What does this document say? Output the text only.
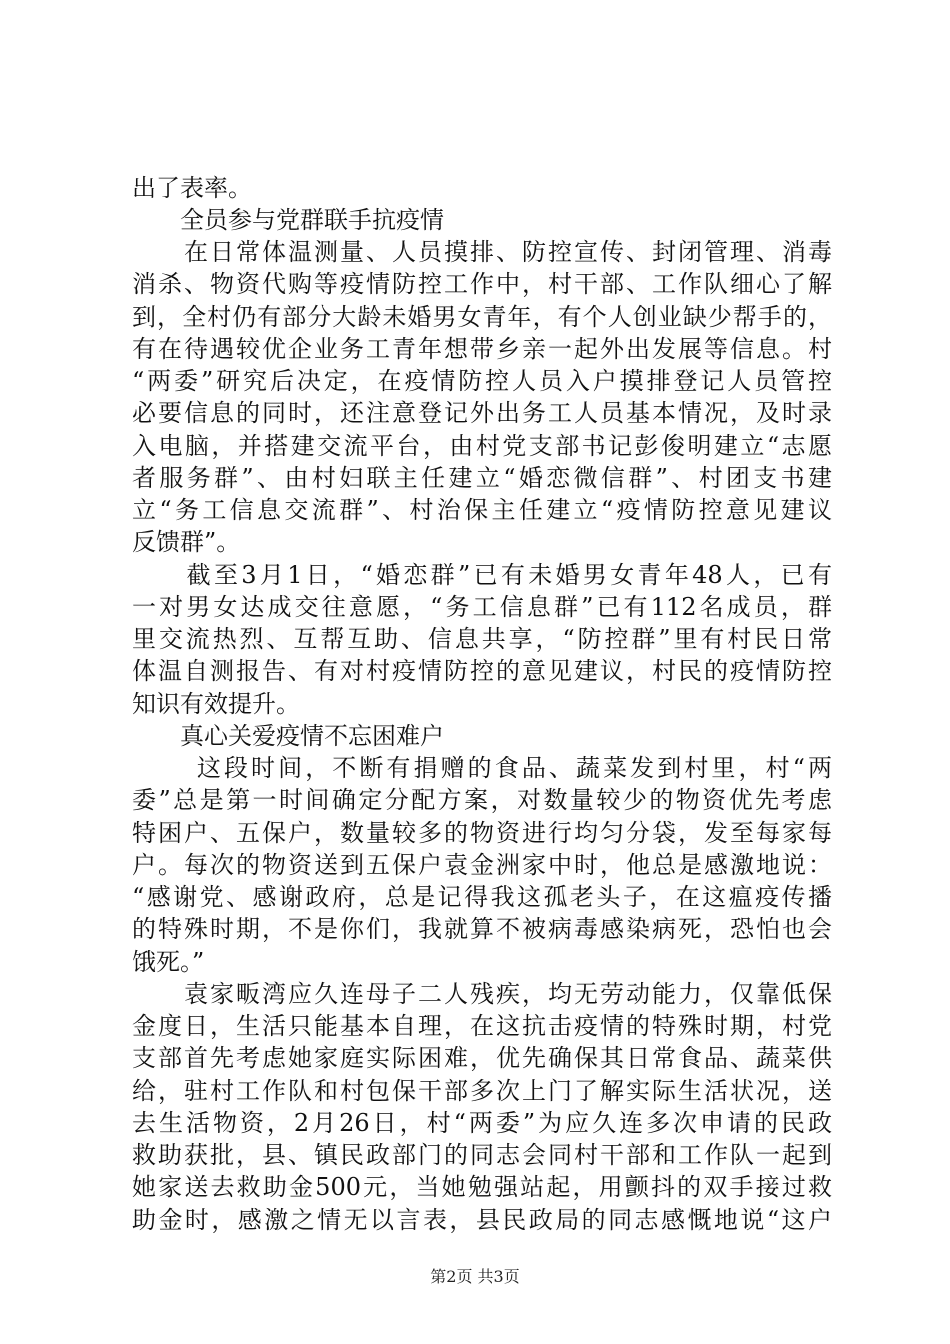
出了表率。
　　全员参与党群联手抗疫情
　　在日常体温测量、人员摸排、防控宣传、封闭管理、消毒
消杀、物资代购等疫情防控工作中，村干部、工作队细心了解
到，全村仍有部分大龄未婚男女青年，有个人创业缺少帮手的，
有在待遇较优企业务工青年想带乡亲一起外出发展等信息。村
“两委”研究后决定，在疫情防控人员入户摸排登记人员管控
必要信息的同时，还注意登记外出务工人员基本情况，及时录
入电脑，并搭建交流平台，由村党支部书记彭俊明建立“志愿
者服务群”、由村妇联主任建立“婚恋微信群”、村团支书建
立“务工信息交流群”、村治保主任建立“疫情防控意见建议
反馈群”。
　　截至3月1日，“婚恋群”已有未婚男女青年48人，已有
一对男女达成交往意愿，“务工信息群”已有112名成员，群
里交流热烈、互帮互助、信息共享，“防控群”里有村民日常
体温自测报告、有对村疫情防控的意见建议，村民的疫情防控
知识有效提升。
　　真心关爱疫情不忘困难户
　　 这段时间，不断有捐赠的食品、蔬菜发到村里，村“两
委”总是第一时间确定分配方案，对数量较少的物资优先考虑
特困户、五保户，数量较多的物资进行均匀分袋，发至每家每
户。每次的物资送到五保户袁金洲家中时，他总是感激地说：
“感谢党、感谢政府，总是记得我这孤老头子，在这瘟疫传播
的特殊时期，不是你们，我就算不被病毒感染病死，恐怕也会
饿死。”
　　袁家畈湾应久连母子二人残疾，均无劳动能力，仅靠低保
金度日，生活只能基本自理，在这抗击疫情的特殊时期，村党
支部首先考虑她家庭实际困难，优先确保其日常食品、蔬菜供
给，驻村工作队和村包保干部多次上门了解实际生活状况，送
去生活物资，2月26日，村“两委”为应久连多次申请的民政
救助获批，县、镇民政部门的同志会同村干部和工作队一起到
她家送去救助金500元，当她勉强站起，用颤抖的双手接过救
助金时，感激之情无以言表，县民政局的同志感慨地说“这户
第2页 共3页
